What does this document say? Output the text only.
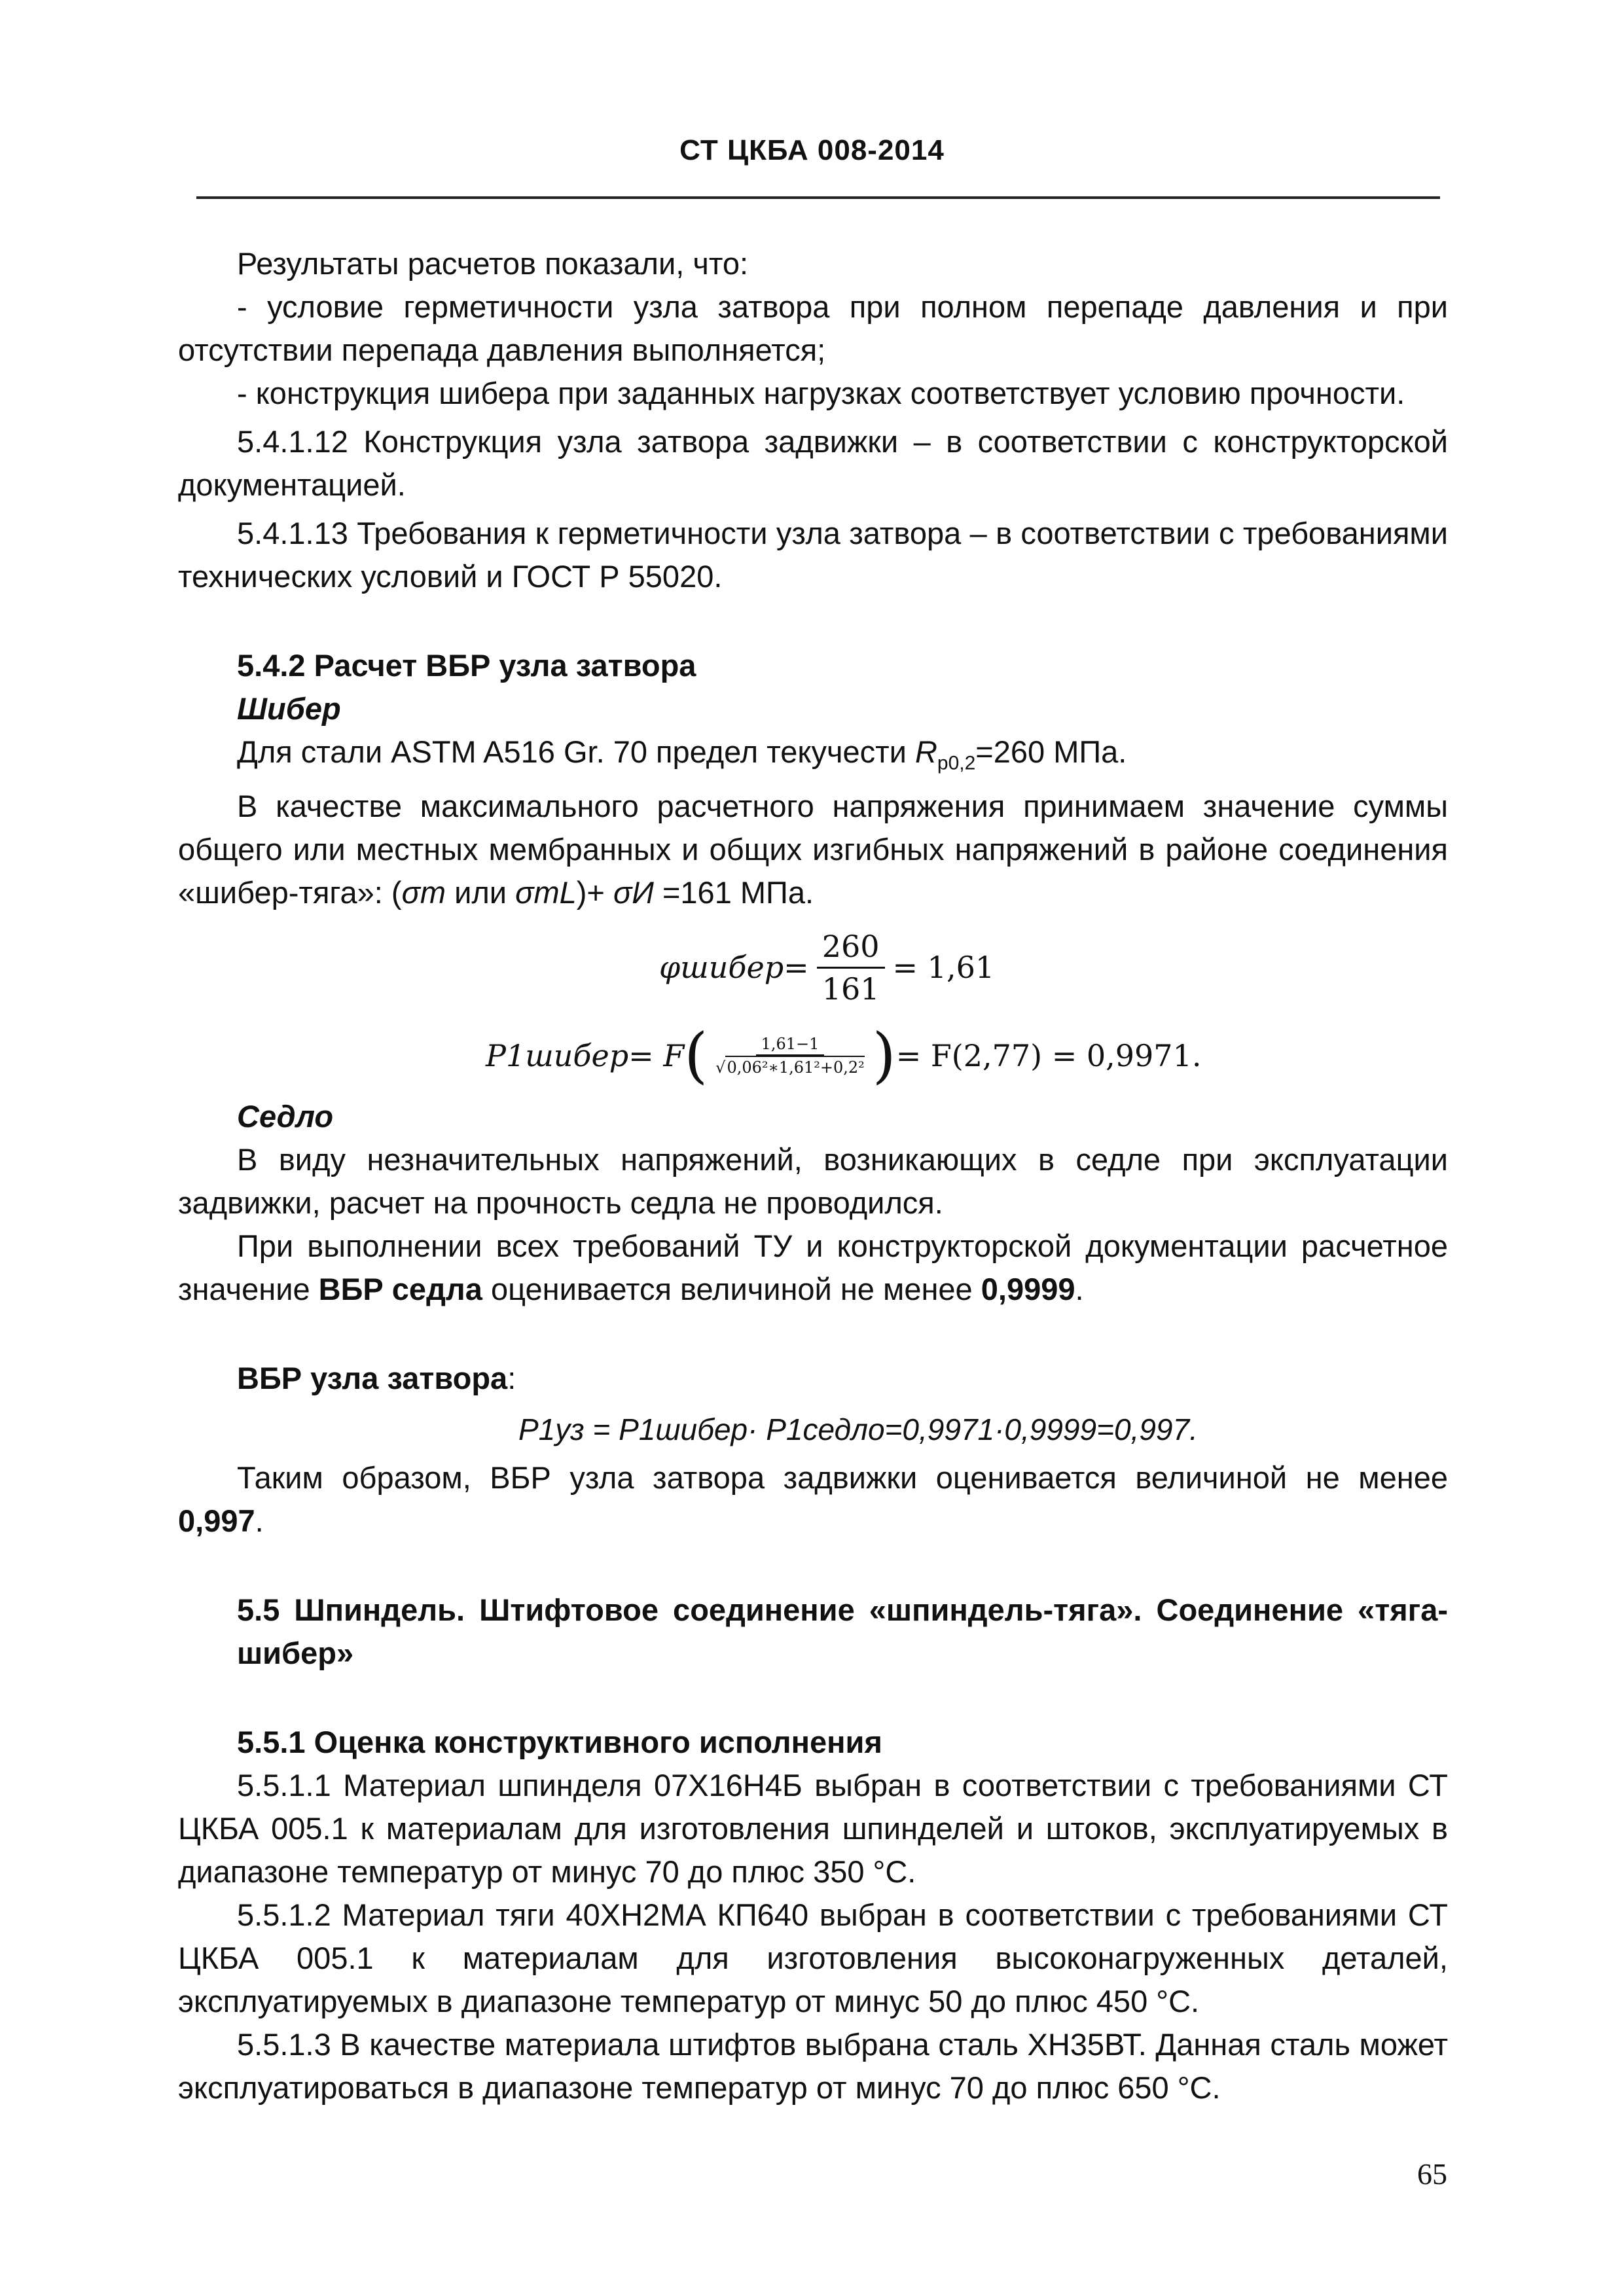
СТ ЦКБА 008-2014

Результаты расчетов показали, что:

- условие герметичности узла затвора при полном перепаде давления и при отсутствии перепада давления выполняется;

- конструкция шибера при заданных нагрузках соответствует условию прочности.

5.4.1.12 Конструкция узла затвора задвижки – в соответствии с конструкторской документацией.

5.4.1.13 Требования к герметичности узла затвора – в соответствии с требованиями технических условий и ГОСТ Р 55020.

5.4.2 Расчет ВБР узла затвора

Шибер

Для стали ASTM A516 Gr. 70 предел текучести $R_{p0,2}=260$ МПа.

В качестве максимального расчетного напряжения принимаем значение суммы общего или местных мембранных и общих изгибных напряжений в районе соединения «шибер-тяга»: (σm или σmL)+ σИ =161 МПа.

φшибер = $\frac{260}{161} = 1,61$
P1шибер = F ( $\frac{1,61-1}{\text{√0,06²∗1,61²+0,2²}}$ ) = F(2,77) = 0,9971.

Седло

В виду незначительных напряжений, возникающих в седле при эксплуатации задвижки, расчет на прочность седла не проводился.

При выполнении всех требований ТУ и конструкторской документации расчетное значение ВБР седла оценивается величиной не менее 0,9999.

ВБР узла затвора:

P1уз = P1шибер· P1седло=0,9971·0,9999=0,997.

Таким образом, ВБР узла затвора задвижки оценивается величиной не менее 0,997.

5.5 Шпиндель. Штифтовое соединение «шпиндель-тяга». Соединение «тяга-шибер»

5.5.1 Оценка конструктивного исполнения

5.5.1.1 Материал шпинделя 07Х16Н4Б выбран в соответствии с требованиями СТ ЦКБА 005.1 к материалам для изготовления шпинделей и штоков, эксплуатируемых в диапазоне температур от минус 70 до плюс 350 °С.

5.5.1.2 Материал тяги 40ХН2МА КП640 выбран в соответствии с требованиями СТ ЦКБА 005.1 к материалам для изготовления высоконагруженных деталей, эксплуатируемых в диапазоне температур от минус 50 до плюс 450 °С.

5.5.1.3 В качестве материала штифтов выбрана сталь ХН35ВТ. Данная сталь может эксплуатироваться в диапазоне температур от минус 70 до плюс 650 °С.

65
